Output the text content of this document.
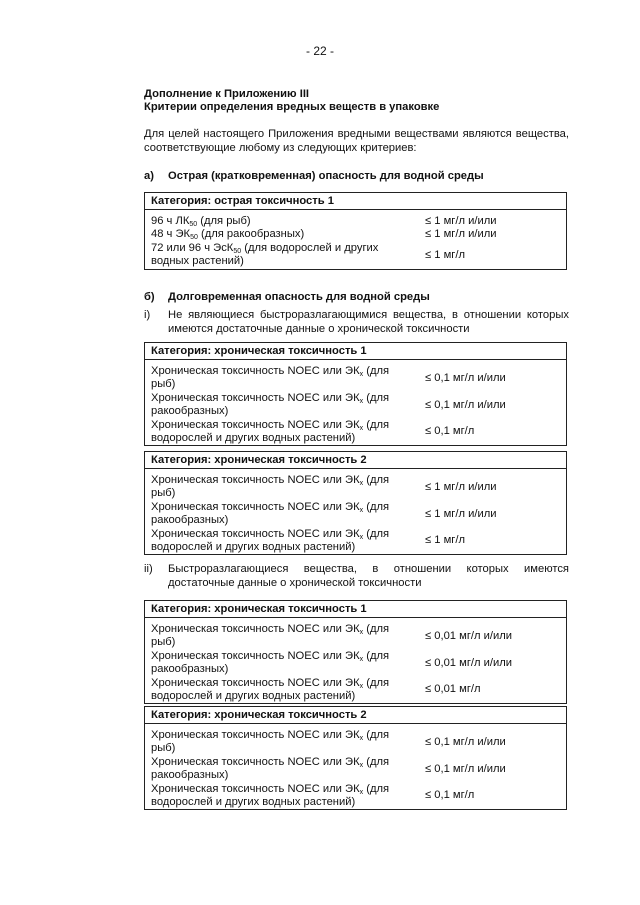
- 22 -
Дополнение к Приложению III
Критерии определения вредных веществ в упаковке
Для целей настоящего Приложения вредными веществами являются вещества, соответствующие любому из следующих критериев:
а) Острая (кратковременная) опасность для водной среды
Категория: острая токсичность 1
96 ч $ЛК_{50}$ (для рыб)	≤ 1 мг/л и/или
48 ч $ЭК_{50}$ (для ракообразных)	≤ 1 мг/л и/или
72 или 96 ч ЭсК$_{50}$ (для водорослей и других водных растений)
≤ 1 мг/л
б) Долговременная опасность для водной среды
i) Не являющиеся быстроразлагающимися вещества, в отношении которых имеются достаточные данные о хронической токсичности
Категория: хроническая токсичность 1
Хроническая токсичность NOEC или $ЭК_x$ (для рыб)
≤ 0,1 мг/л и/или
Хроническая токсичность NOEC или $ЭК_x$ (для ракообразных)
≤ 0,1 мг/л и/или
Хроническая токсичность NOEC или $ЭК_x$ (для водорослей и других водных растений)
≤ 0,1 мг/л
Категория: хроническая токсичность 2
Хроническая токсичность NOEC или $ЭК_x$ (для рыб)
≤ 1 мг/л и/или
Хроническая токсичность NOEC или $ЭК_x$ (для ракообразных)
≤ 1 мг/л и/или
Хроническая токсичность NOEC или $ЭК_x$ (для водорослей и других водных растений)
≤ 1 мг/л
ii) Быстроразлагающиеся вещества, в отношении которых имеются достаточные данные о хронической токсичности
Категория: хроническая токсичность 1
Хроническая токсичность NOEC или $ЭК_x$ (для рыб)
≤ 0,01 мг/л и/или
Хроническая токсичность NOEC или $ЭК_x$ (для ракообразных)
≤ 0,01 мг/л и/или
Хроническая токсичность NOEC или $ЭК_x$ (для водорослей и других водных растений)
≤ 0,01 мг/л
Категория: хроническая токсичность 2
Хроническая токсичность NOEC или $ЭК_x$ (для рыб)
≤ 0,1 мг/л и/или
Хроническая токсичность NOEC или $ЭК_x$ (для ракообразных)
≤ 0,1 мг/л и/или
Хроническая токсичность NOEC или $ЭК_x$ (для водорослей и других водных растений)
≤ 0,1 мг/л
